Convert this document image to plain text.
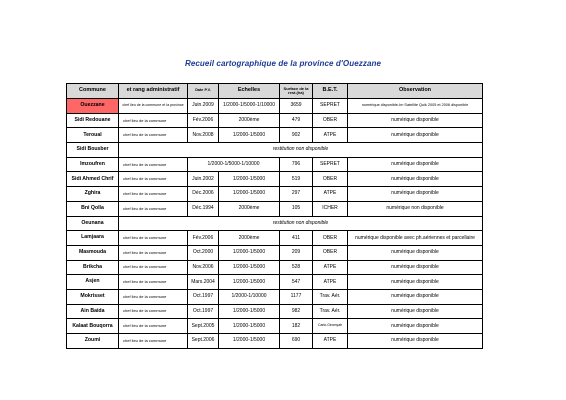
Recueil cartographique de la province d'Ouezzane
Commune	et rang administratif	Date P.V.	Echelles	Surface de la rest.(ha)	B.E.T.	Observation
Ouezzane	chef lieu de la commune et la province	Juin.2009	1/2000-1/5000-1/10000	3659	SEPRET	numérique disponible-Im Satellite Quik 2005 et 2006 disponible
Sidi Redouane	chef lieu de la commune	Fév.2006	2000ème	479	OBER	numérique disponible
Teroual	chef lieu de la commune	Nov.2008	1/2000-1/5000	902	ATPE	numérique disponible
Sidi Bousber	restitution non disponible					
Imzoufren	chef lieu de la commune	1/2000-1/5000-1/10000		796	SEPRET	numérique disponible
Sidi Ahmed Chrif	chef lieu de la commune	Juin.2002	1/2000-1/5000	519	OBER	numérique disponible
Zghira	chef lieu de la commune	Déc.2006	1/2000-1/5000	297	ATPE	numérique disponible
Bni Qolla	chef lieu de la commune	Déc.1994	2000ème	105	ICHER	numérique non disponible
Oeunana	restitution non disponible					
Lamjaara	chef lieu de la commune	Fév.2006	2000ème	411	OBER	numérique disponible avec ph.aériennes et parcellaire
Masmouda	chef lieu de la commune	Oct.2000	1/2000-1/5000	209	OBER	numérique disponible
Brikcha	chef lieu de la commune	Nov.2006	1/2000-1/5000	528	ATPE	numérique disponible
Asjen	chef lieu de la commune	Mars.2004	1/2000-1/5000	547	ATPE	numérique disponible
Mokrisset	chef lieu de la commune	Oct.1997	1/2000-1/10000	1177	Trav. Aér.	numérique disponible
Ain Baida	chef lieu de la commune	Oct.1997	1/2000-1/5000	982	Trav. Aér.	numérique disponible
Kalaat Bouqorra	chef lieu de la commune	Sept.2005	1/2000-1/5000	182	Carto.Geomyab	numérique disponible
Zoumi	chef lieu de la commune	Sept.2006	1/2000-1/5000	690	ATPE	numérique disponible
